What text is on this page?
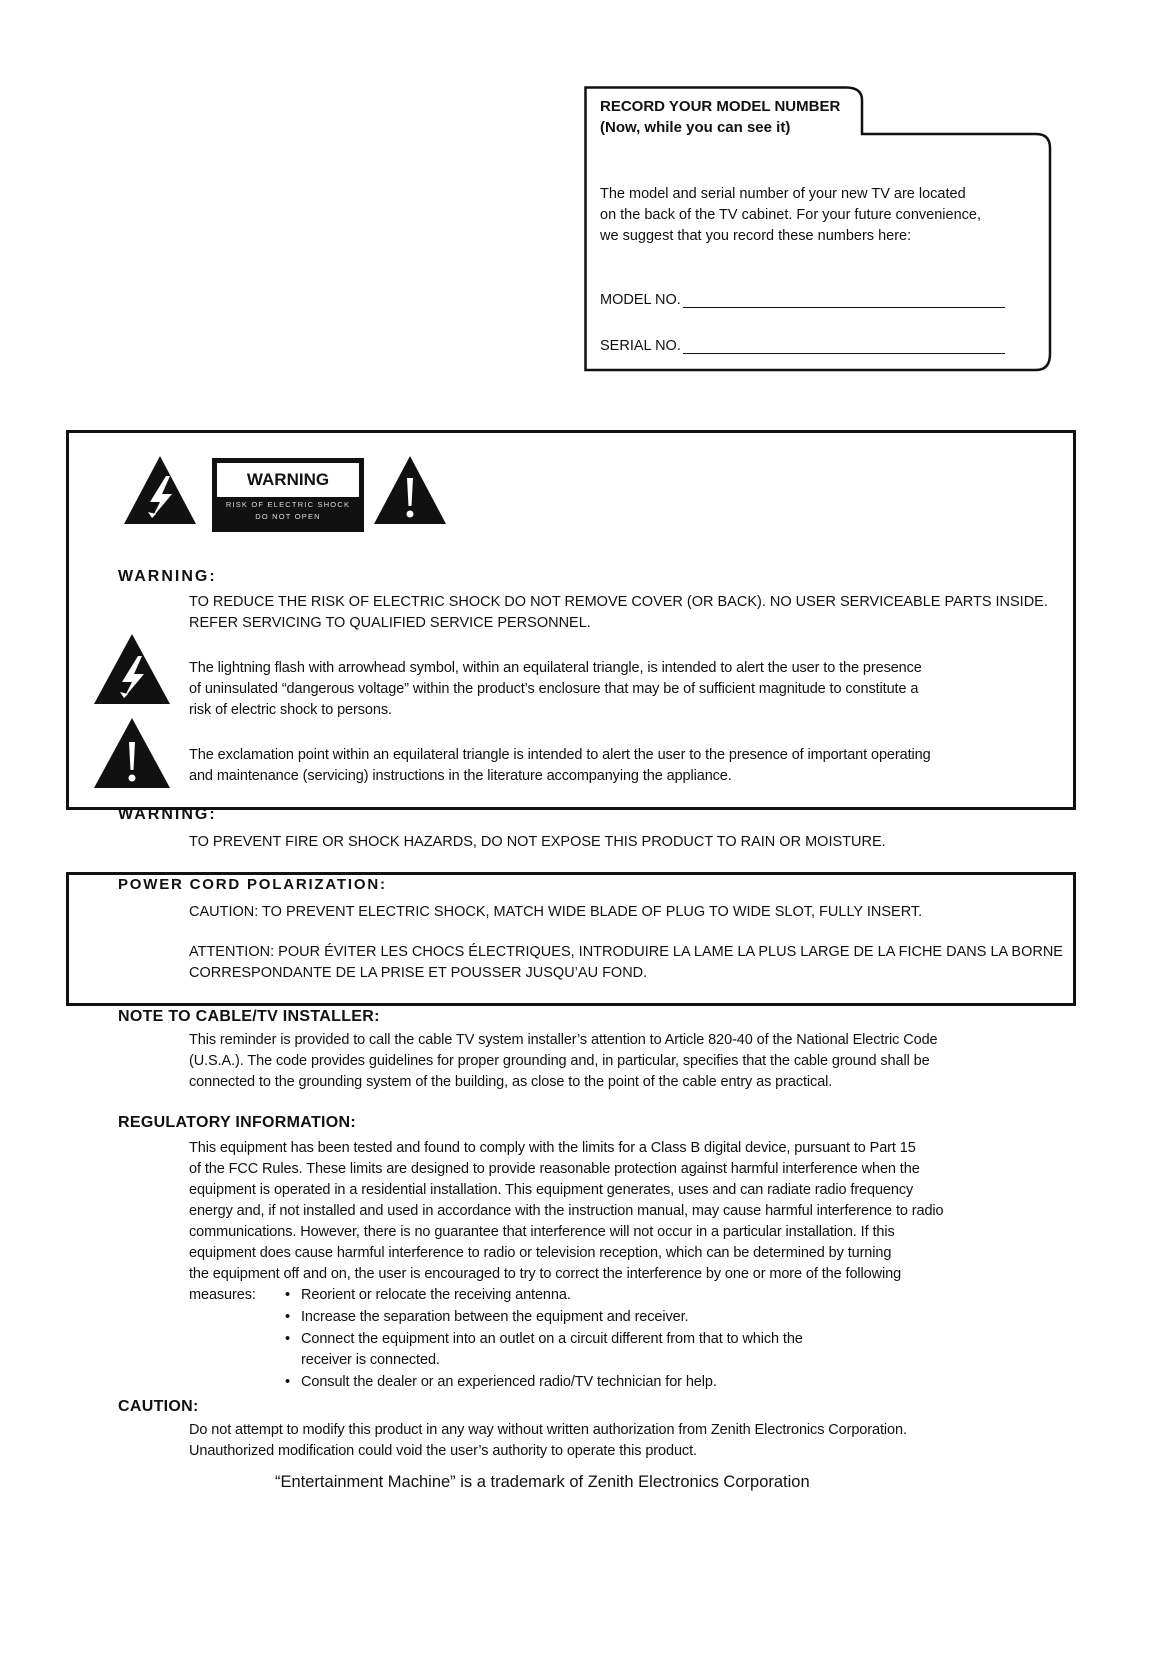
RECORD YOUR MODEL NUMBER
(Now, while you can see it)
The model and serial number of your new TV are located
on the back of the TV cabinet. For your future convenience,
we suggest that you record these numbers here:
MODEL NO.
SERIAL NO.
WARNING
RISK OF ELECTRIC SHOCK
DO NOT OPEN
WARNING:
TO REDUCE THE RISK OF ELECTRIC SHOCK DO NOT REMOVE COVER (OR BACK). NO USER SERVICEABLE PARTS INSIDE.
REFER SERVICING TO QUALIFIED SERVICE PERSONNEL.
The lightning flash with arrowhead symbol, within an equilateral triangle, is intended to alert the user to the presence
of uninsulated “dangerous voltage” within the product’s enclosure that may be of sufficient magnitude to constitute a
risk of electric shock to persons.
The exclamation point within an equilateral triangle is intended to alert the user to the presence of important operating
and maintenance (servicing) instructions in the literature accompanying the appliance.
WARNING:
TO PREVENT FIRE OR SHOCK HAZARDS, DO NOT EXPOSE THIS PRODUCT TO RAIN OR MOISTURE.
POWER CORD POLARIZATION:
CAUTION: TO PREVENT ELECTRIC SHOCK, MATCH WIDE BLADE OF PLUG TO WIDE SLOT, FULLY INSERT.
ATTENTION: POUR ÉVITER LES CHOCS ÉLECTRIQUES, INTRODUIRE LA LAME LA PLUS LARGE DE LA FICHE DANS LA BORNE
CORRESPONDANTE DE LA PRISE ET POUSSER JUSQU’AU FOND.
NOTE TO CABLE/TV INSTALLER:
This reminder is provided to call the cable TV system installer’s attention to Article 820-40 of the National Electric Code
(U.S.A.). The code provides guidelines for proper grounding and, in particular, specifies that the cable ground shall be
connected to the grounding system of the building, as close to the point of the cable entry as practical.
REGULATORY INFORMATION:
This equipment has been tested and found to comply with the limits for a Class B digital device, pursuant to Part 15
of the FCC Rules. These limits are designed to provide reasonable protection against harmful interference when the
equipment is operated in a residential installation. This equipment generates, uses and can radiate radio frequency
energy and, if not installed and used in accordance with the instruction manual, may cause harmful interference to radio
communications. However, there is no guarantee that interference will not occur in a particular installation. If this
equipment does cause harmful interference to radio or television reception, which can be determined by turning
the equipment off and on, the user is encouraged to try to correct the interference by one or more of the following
measures:
•	Reorient or relocate the receiving antenna.
• Increase the separation between the equipment and receiver.
• Connect the equipment into an outlet on a circuit different from that to which the
receiver is connected.
• Consult the dealer or an experienced radio/TV technician for help.
CAUTION:
Do not attempt to modify this product in any way without written authorization from Zenith Electronics Corporation.
Unauthorized modification could void the user’s authority to operate this product.
“Entertainment Machine” is a trademark of Zenith Electronics Corporation
